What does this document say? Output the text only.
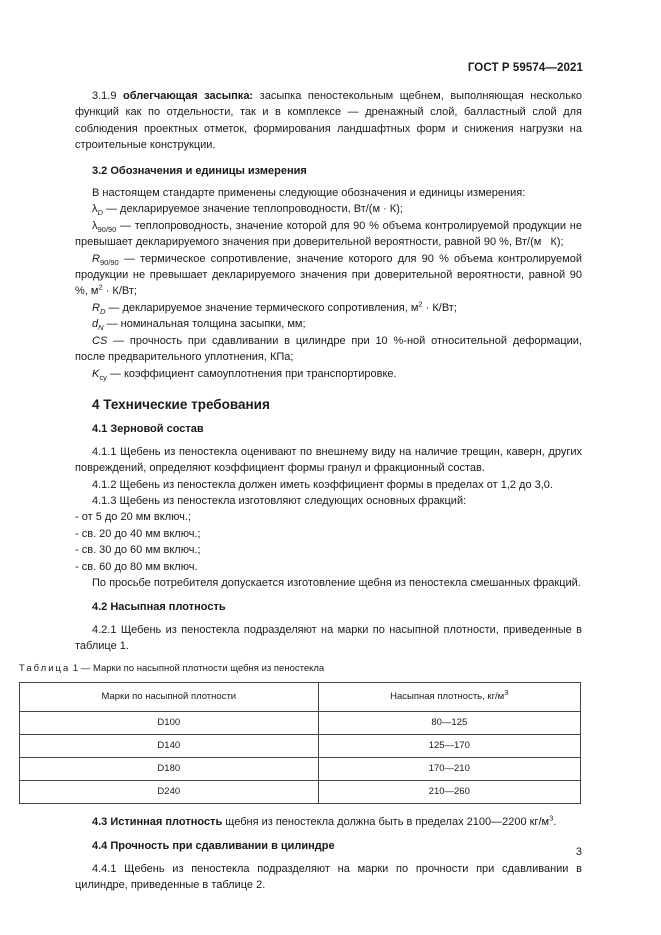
ГОСТ Р 59574—2021

3.1.9 облегчающая засыпка: засыпка пеностекольным щебнем, выполняющая несколько функций как по отдельности, так и в комплексе — дренажный слой, балластный слой для соблюдения проектных отметок, формирования ландшафтных форм и снижения нагрузки на строительные конструкции.

3.2 Обозначения и единицы измерения

В настоящем стандарте применены следующие обозначения и единицы измерения:

$\lambda_D$ — декларируемое значение теплопроводности, Вт/(м · К);

$\lambda_{90/90}$ — теплопроводность, значение которой для 90 % объема контролируемой продукции не превышает декларируемого значения при доверительной вероятности, равной 90 %, Вт/(м   К);

$R_{90/90}$ — термическое сопротивление, значение которого для 90 % объема контролируемой продукции не превышает декларируемого значения при доверительной вероятности, равной 90 %, $м^2 \cdot К/Вт$;

$R_D$ — декларируемое значение термического сопротивления, $м^2 \cdot К/Вт$;

$d_N$ — номинальная толщина засыпки, мм;

CS — прочность при сдавливании в цилиндре при 10 %-ной относительной деформации, после предварительного уплотнения, КПа;

$K_{су}$ — коэффициент самоуплотнения при транспортировке.

4 Технические требования

4.1 Зерновой состав

4.1.1 Щебень из пеностекла оценивают по внешнему виду на наличие трещин, каверн, других повреждений, определяют коэффициент формы гранул и фракционный состав.

4.1.2 Щебень из пеностекла должен иметь коэффициент формы в пределах от 1,2 до 3,0.

4.1.3 Щебень из пеностекла изготовляют следующих основных фракций:

- от 5 до 20 мм включ.;

- св. 20 до 40 мм включ.;

- св. 30 до 60 мм включ.;

- св. 60 до 80 мм включ.

По просьбе потребителя допускается изготовление щебня из пеностекла смешанных фракций.

4.2 Насыпная плотность

4.2.1 Щебень из пеностекла подразделяют на марки по насыпной плотности, приведенные в таблице 1.

Таблица 1 — Марки по насыпной плотности щебня из пеностекла

Марки по насыпной плотности	Насыпная плотность, $кг/м^3$
D100	80—125
D140	125—170
D180	170—210
D240	210—260

4.3 Истинная плотность щебня из пеностекла должна быть в пределах 2100—2200 $кг/м^3$.

4.4 Прочность при сдавливании в цилиндре

4.4.1 Щебень из пеностекла подразделяют на марки по прочности при сдавливании в цилиндре, приведенные в таблице 2.

3
